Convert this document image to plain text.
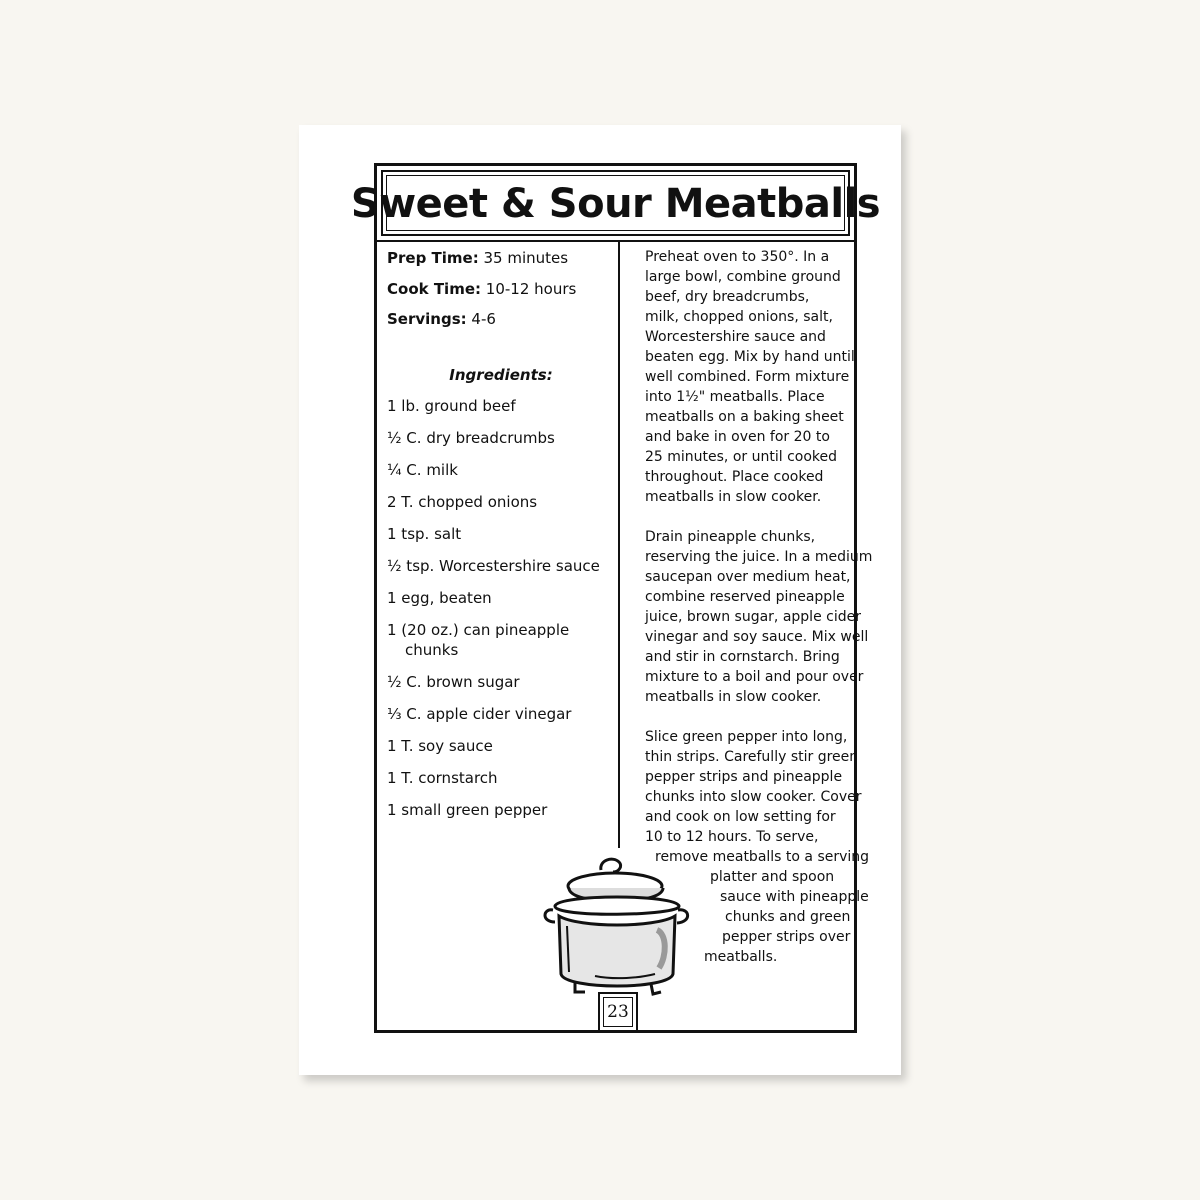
Sweet & Sour Meatballs
Prep Time: 35 minutes
Cook Time: 10-12 hours
Servings: 4-6
Ingredients:
1 lb. ground beef
½ C. dry breadcrumbs
¼ C. milk
2 T. chopped onions
1 tsp. salt
½ tsp. Worcestershire sauce
1 egg, beaten
1 (20 oz.) can pineapple chunks
½ C. brown sugar
⅓ C. apple cider vinegar
1 T. soy sauce
1 T. cornstarch
1 small green pepper

Preheat oven to 350°. In a
large bowl, combine ground
beef, dry breadcrumbs,
milk, chopped onions, salt,
Worcestershire sauce and
beaten egg. Mix by hand until
well combined. Form mixture
into 1½" meatballs. Place
meatballs on a baking sheet
and bake in oven for 20 to
25 minutes, or until cooked
throughout. Place cooked
meatballs in slow cooker.

Drain pineapple chunks,
reserving the juice. In a medium
saucepan over medium heat,
combine reserved pineapple
juice, brown sugar, apple cider
vinegar and soy sauce. Mix well
and stir in cornstarch. Bring
mixture to a boil and pour over
meatballs in slow cooker.

Slice green pepper into long,
thin strips. Carefully stir green
pepper strips and pineapple
chunks into slow cooker. Cover
and cook on low setting for
10 to 12 hours. To serve,
remove meatballs to a serving
platter and spoon
sauce with pineapple
chunks and green
pepper strips over
meatballs.

23
